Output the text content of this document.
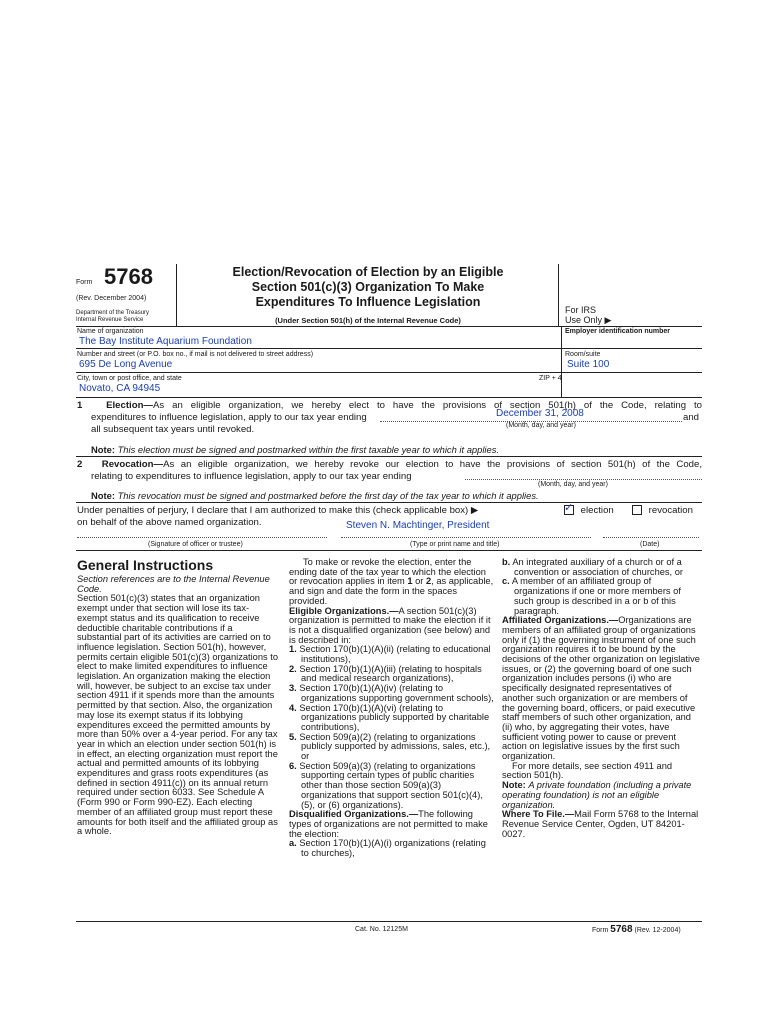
Form 5768
(Rev. December 2004)
Department of the Treasury
Internal Revenue Service
Election/Revocation of Election by an Eligible
Section 501(c)(3) Organization To Make
Expenditures To Influence Legislation
(Under Section 501(h) of the Internal Revenue Code)
For IRS
Use Only ▶
Name of organization
The Bay Institute Aquarium Foundation
Employer identification number
Number and street (or P.O. box no., if mail is not delivered to street address)
695 De Long Avenue
Room/suite
Suite 100
City, town or post office, and state
Novato, CA 94945
ZIP + 4
1 Election—As an eligible organization, we hereby elect to have the provisions of section 501(h) of the Code, relating to
expenditures to influence legislation, apply to our tax year ending
all subsequent tax years until revoked.
December 31, 2008	and
(Month, day, and year)
Note: This election must be signed and postmarked within the first taxable year to which it applies.
2 Revocation—As an eligible organization, we hereby revoke our election to have the provisions of section 501(h) of the Code,
relating to expenditures to influence legislation, apply to our tax year ending
(Month, day, and year)
Note: This revocation must be signed and postmarked before the first day of the tax year to which it applies.
Under penalties of perjury, I declare that I am authorized to make this (check applicable box) ▶
on behalf of the above named organization.
✓ election	revocation
Steven N. Machtinger, President
(Signature of officer or trustee)	(Type or print name and title)	(Date)
General Instructions

Section references are to the Internal Revenue Code.

Section 501(c)(3) states that an organization exempt under that section will lose its tax-exempt status and its qualification to receive deductible charitable contributions if a substantial part of its activities are carried on to influence legislation. Section 501(h), however, permits certain eligible 501(c)(3) organizations to elect to make limited expenditures to influence legislation. An organization making the election will, however, be subject to an excise tax under section 4911 if it spends more than the amounts permitted by that section. Also, the organization may lose its exempt status if its lobbying expenditures exceed the permitted amounts by more than 50% over a 4-year period. For any tax year in which an election under section 501(h) is in effect, an electing organization must report the actual and permitted amounts of its lobbying expenditures and grass roots expenditures (as defined in section 4911(c)) on its annual return required under section 6033. See Schedule A (Form 990 or Form 990-EZ). Each electing member of an affiliated group must report these amounts for both itself and the affiliated group as a whole.

To make or revoke the election, enter the ending date of the tax year to which the election or revocation applies in item 1 or 2, as applicable, and sign and date the form in the spaces provided.

Eligible Organizations.—A section 501(c)(3) organization is permitted to make the election if it is not a disqualified organization (see below) and is described in:

1. Section 170(b)(1)(A)(ii) (relating to educational institutions),

2. Section 170(b)(1)(A)(iii) (relating to hospitals and medical research organizations),

3. Section 170(b)(1)(A)(iv) (relating to organizations supporting government schools),

4. Section 170(b)(1)(A)(vi) (relating to organizations publicly supported by charitable contributions),

5. Section 509(a)(2) (relating to organizations publicly supported by admissions, sales, etc.), or

6. Section 509(a)(3) (relating to organizations supporting certain types of public charities other than those section 509(a)(3) organizations that support section 501(c)(4), (5), or (6) organizations).

Disqualified Organizations.—The following types of organizations are not permitted to make the election:

a. Section 170(b)(1)(A)(i) organizations (relating to churches),

b. An integrated auxiliary of a church or of a convention or association of churches, or

c. A member of an affiliated group of organizations if one or more members of such group is described in a or b of this paragraph.

Affiliated Organizations.—Organizations are members of an affiliated group of organizations only if (1) the governing instrument of one such organization requires it to be bound by the decisions of the other organization on legislative issues, or (2) the governing board of one such organization includes persons (i) who are specifically designated representatives of another such organization or are members of the governing board, officers, or paid executive staff members of such other organization, and (ii) who, by aggregating their votes, have sufficient voting power to cause or prevent action on legislative issues by the first such organization.

For more details, see section 4911 and section 501(h).

Note: A private foundation (including a private operating foundation) is not an eligible organization.

Where To File.—Mail Form 5768 to the Internal Revenue Service Center, Ogden, UT 84201-0027.

Cat. No. 12125M	Form 5768 (Rev. 12-2004)
